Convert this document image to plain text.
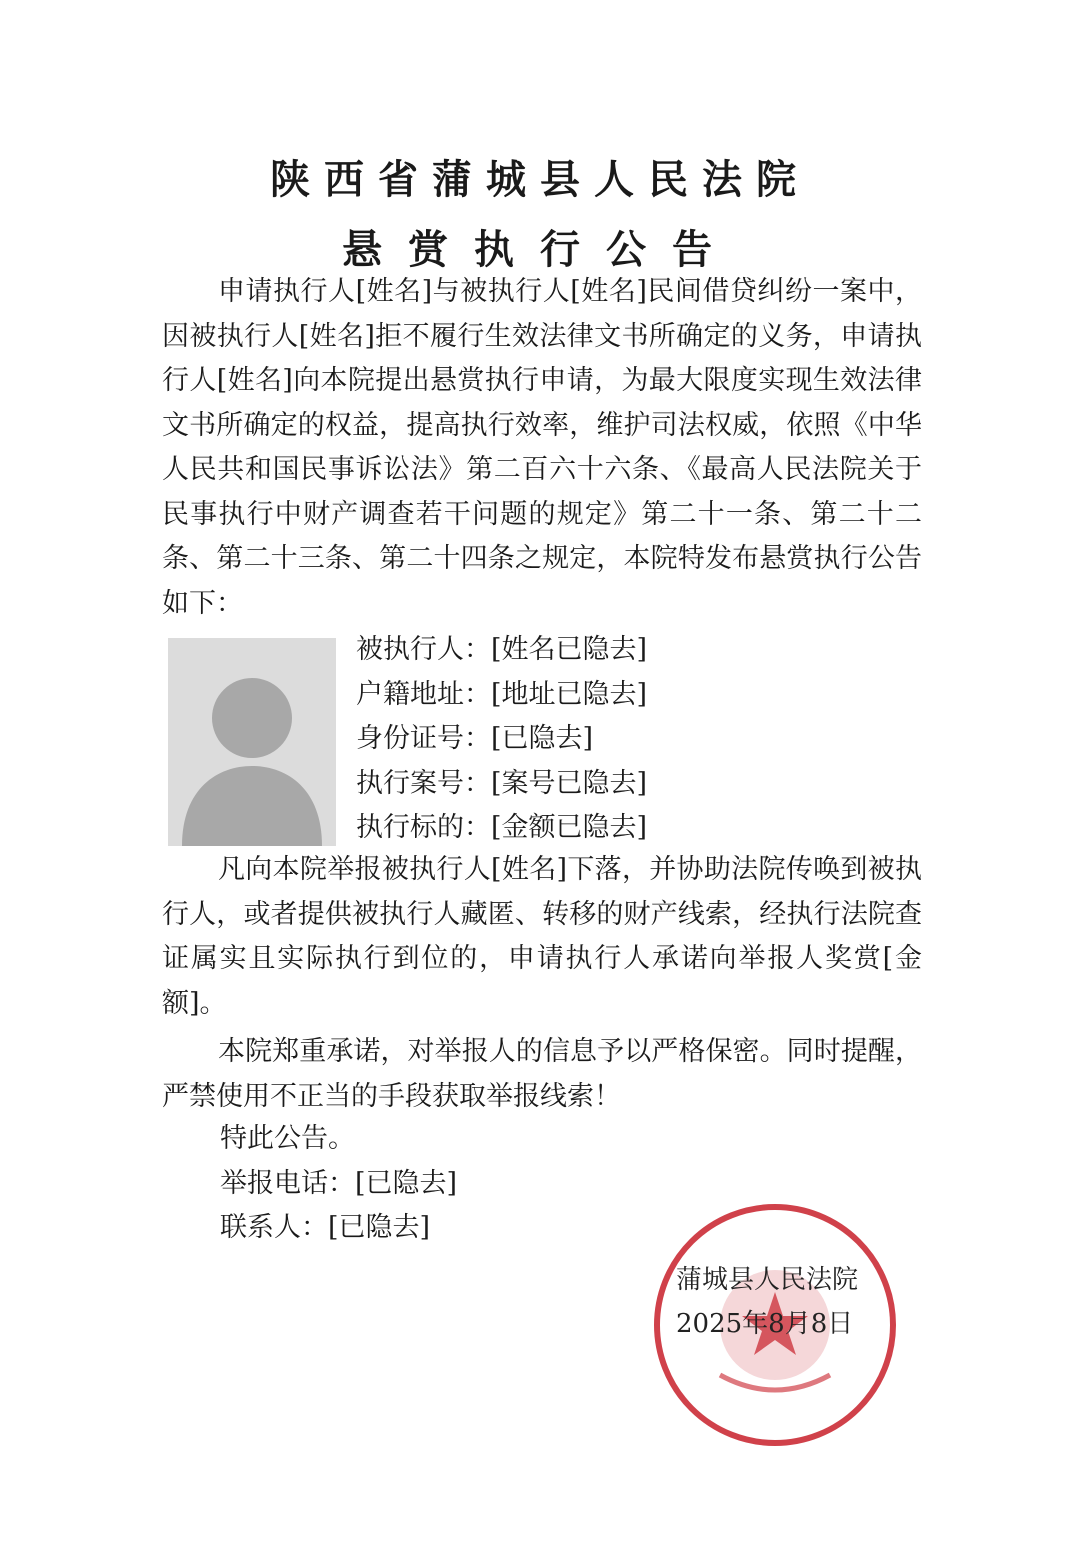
陕西省蒲城县人民法院
悬赏执行公告
申请执行人[姓名]与被执行人[姓名]民间借贷纠纷一案中，因被执行人[姓名]拒不履行生效法律文书所确定的义务，申请执行人[姓名]向本院提出悬赏执行申请，为最大限度实现生效法律文书所确定的权益，提高执行效率，维护司法权威，依照《中华人民共和国民事诉讼法》第二百六十六条、《最高人民法院关于民事执行中财产调查若干问题的规定》第二十一条、第二十二条、第二十三条、第二十四条之规定，本院特发布悬赏执行公告如下：
被执行人：[姓名已隐去]
户籍地址：[地址已隐去]
身份证号：[已隐去]
执行案号：[案号已隐去]
执行标的：[金额已隐去]
凡向本院举报被执行人[姓名]下落，并协助法院传唤到被执行人，或者提供被执行人藏匿、转移的财产线索，经执行法院查证属实且实际执行到位的，申请执行人承诺向举报人奖赏[金额]。
本院郑重承诺，对举报人的信息予以严格保密。同时提醒，严禁使用不正当的手段获取举报线索！
特此公告。
举报电话：[已隐去]
联系人：[已隐去]
蒲城县人民法院
2025年8月8日
